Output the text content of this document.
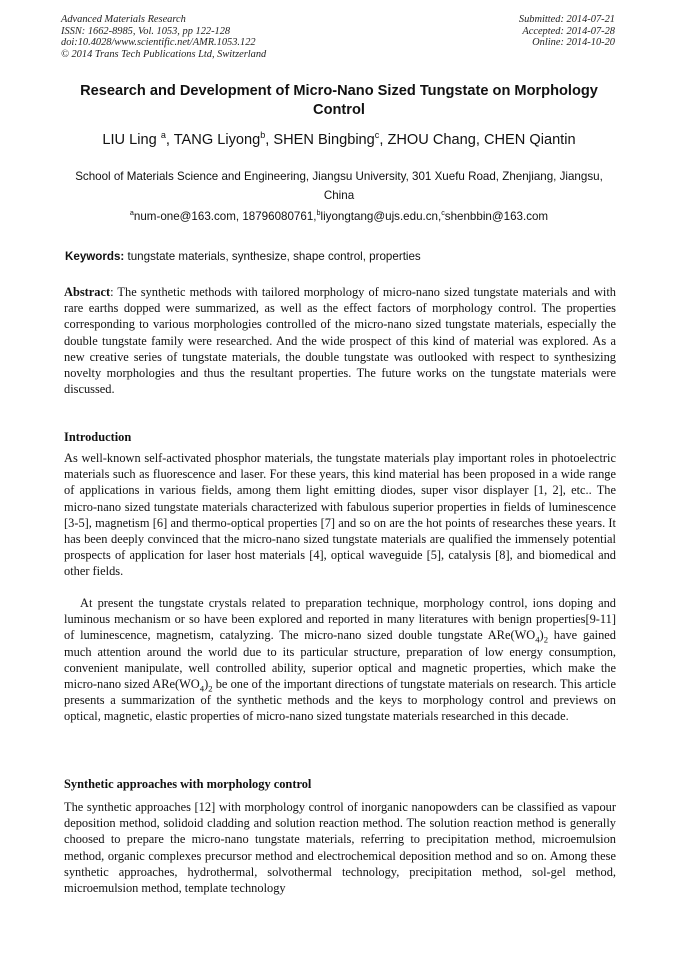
Advanced Materials Research
ISSN: 1662-8985, Vol. 1053, pp 122-128
doi:10.4028/www.scientific.net/AMR.1053.122
© 2014 Trans Tech Publications Ltd, Switzerland
Submitted: 2014-07-21
Accepted: 2014-07-28
Online: 2014-10-20
Research and Development of Micro-Nano Sized Tungstate on Morphology Control
LIU Ling $^a$, TANG Liyong$^b$, SHEN Bingbing$^c$, ZHOU Chang, CHEN Qiantin
School of Materials Science and Engineering, Jiangsu University, 301 Xuefu Road, Zhenjiang, Jiangsu, China
$^a$num-one@163.com, 18796080761,$^b$liyongtang@ujs.edu.cn,$^c$shenbbin@163.com
Keywords: tungstate materials, synthesize, shape control, properties
Abstract: The synthetic methods with tailored morphology of micro-nano sized tungstate materials and with rare earths dopped were summarized, as well as the effect factors of morphology control. The properties corresponding to various morphologies controlled of the micro-nano sized tungstate materials, especially the double tungstate family were researched. And the wide prospect of this kind of material was explored. As a new creative series of tungstate materials, the double tungstate was outlooked with respect to synthesizing novelty morphologies and thus the resultant properties. The future works on the tungstate materials were discussed.
Introduction
As well-known self-activated phosphor materials, the tungstate materials play important roles in photoelectric materials such as fluorescence and laser. For these years, this kind material has been proposed in a wide range of applications in various fields, among them light emitting diodes, super visor displayer [1, 2], etc.. The micro-nano sized tungstate materials characterized with fabulous superior properties in fields of luminescence [3-5], magnetism [6] and thermo-optical properties [7] and so on are the hot points of researches these years. It has been deeply convinced that the micro-nano sized tungstate materials are qualified the immensely potential prospects of application for laser host materials [4], optical waveguide [5], catalysis [8], and biomedical and other fields.
At present the tungstate crystals related to preparation technique, morphology control, ions doping and luminous mechanism or so have been explored and reported in many literatures with benign properties[9-11] of luminescence, magnetism, catalyzing. The micro-nano sized double tungstate $ARe(WO_4)_2$ have gained much attention around the world due to its particular structure, preparation of low energy consumption, convenient manipulate, well controlled ability, superior optical and magnetic properties, which make the micro-nano sized $ARe(WO_4)_2$ be one of the important directions of tungstate materials on research. This article presents a summarization of the synthetic methods and the keys to morphology control and previews on optical, magnetic, elastic properties of micro-nano sized tungstate materials researched in this decade.
Synthetic approaches with morphology control
The synthetic approaches [12] with morphology control of inorganic nanopowders can be classified as vapour deposition method, solidoid cladding and solution reaction method. The solution reaction method is generally choosed to prepare the micro-nano tungstate materials, referring to precipitation method, microemulsion method, organic complexes precursor method and electrochemical deposition method and so on. Among these synthetic approaches, hydrothermal, solvothermal technology, precipitation method, sol-gel method, microemulsion method, template technology
